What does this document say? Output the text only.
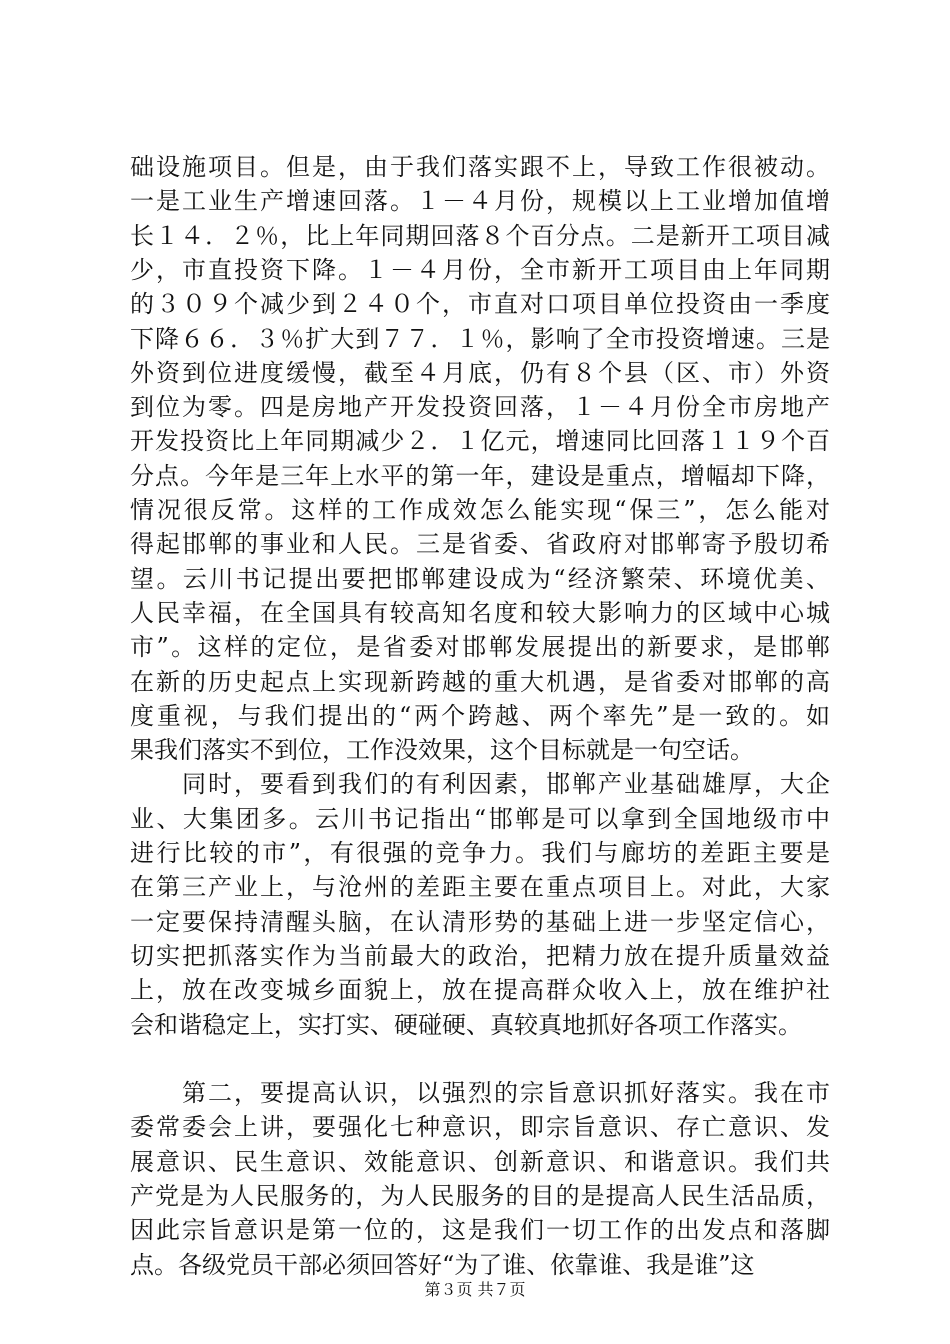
础设施项目。但是，由于我们落实跟不上，导致工作很被动。
一是工业生产增速回落。１－４月份，规模以上工业增加值增
长１４．２％，比上年同期回落８个百分点。二是新开工项目减
少，市直投资下降。１－４月份，全市新开工项目由上年同期
的３０９个减少到２４０个，市直对口项目单位投资由一季度
下降６６．３％扩大到７７．１％，影响了全市投资增速。三是
外资到位进度缓慢，截至４月底，仍有８个县（区、市）外资
到位为零。四是房地产开发投资回落，１－４月份全市房地产
开发投资比上年同期减少２．１亿元，增速同比回落１１９个百
分点。今年是三年上水平的第一年，建设是重点，增幅却下降，
情况很反常。这样的工作成效怎么能实现“保三”，怎么能对
得起邯郸的事业和人民。三是省委、省政府对邯郸寄予殷切希
望。云川书记提出要把邯郸建设成为“经济繁荣、环境优美、
人民幸福，在全国具有较高知名度和较大影响力的区域中心城
市”。这样的定位，是省委对邯郸发展提出的新要求，是邯郸
在新的历史起点上实现新跨越的重大机遇，是省委对邯郸的高
度重视，与我们提出的“两个跨越、两个率先”是一致的。如
果我们落实不到位，工作没效果，这个目标就是一句空话。
　　同时，要看到我们的有利因素，邯郸产业基础雄厚，大企
业、大集团多。云川书记指出“邯郸是可以拿到全国地级市中
进行比较的市”，有很强的竞争力。我们与廊坊的差距主要是
在第三产业上，与沧州的差距主要在重点项目上。对此，大家
一定要保持清醒头脑，在认清形势的基础上进一步坚定信心，
切实把抓落实作为当前最大的政治，把精力放在提升质量效益
上，放在改变城乡面貌上，放在提高群众收入上，放在维护社
会和谐稳定上，实打实、硬碰硬、真较真地抓好各项工作落实。
　　第二，要提高认识，以强烈的宗旨意识抓好落实。我在市
委常委会上讲，要强化七种意识，即宗旨意识、存亡意识、发
展意识、民生意识、效能意识、创新意识、和谐意识。我们共
产党是为人民服务的，为人民服务的目的是提高人民生活品质，
因此宗旨意识是第一位的，这是我们一切工作的出发点和落脚
点。各级党员干部必须回答好“为了谁、依靠谁、我是谁”这
第３页 共７页
